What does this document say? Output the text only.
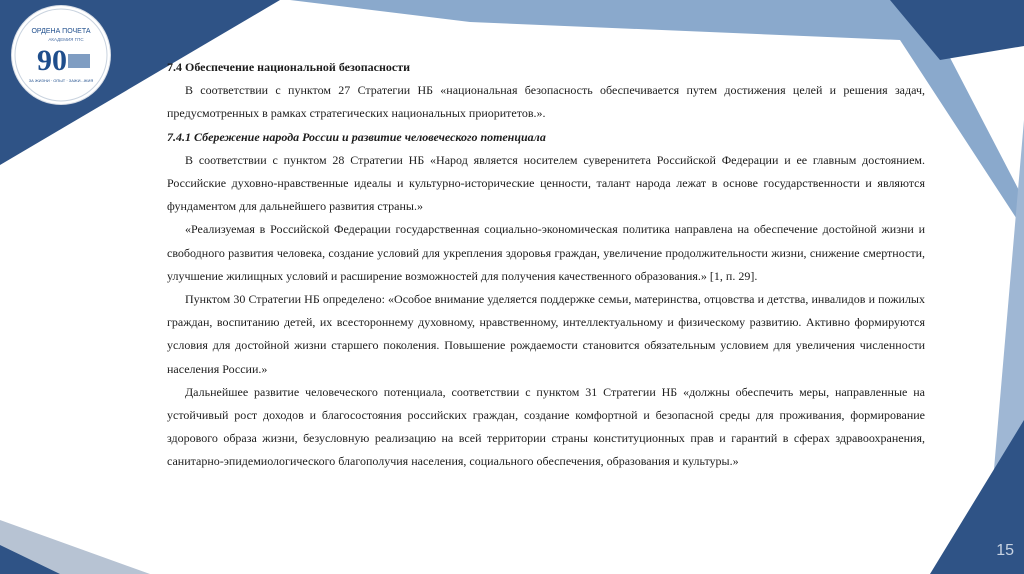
ОРДЕНА ПОЧЕТА
АКАДЕМИЯ ГПС
90
ЗА ЖИЗНИ · ОПЫТ · ЗАЖИ...ЖИЯ
7.4 Обеспечение национальной безопасности

В соответствии с пунктом 27 Стратегии НБ «национальная безопасность обеспечивается путем достижения целей и решения задач, предусмотренных в рамках стратегических национальных приоритетов.».

7.4.1 Сбережение народа России и развитие человеческого потенциала

В соответствии с пунктом 28 Стратегии НБ «Народ является носителем суверенитета Российской Федерации и ее главным достоянием. Российские духовно-нравственные идеалы и культурно-исторические ценности, талант народа лежат в основе государственности и являются фундаментом для дальнейшего развития страны.»

«Реализуемая в Российской Федерации государственная социально-экономическая политика направлена на обеспечение достойной жизни и свободного развития человека, создание условий для укрепления здоровья граждан, увеличение продолжительности жизни, снижение смертности, улучшение жилищных условий и расширение возможностей для получения качественного образования.» [1, п. 29].

Пунктом 30 Стратегии НБ определено: «Особое внимание уделяется поддержке семьи, материнства, отцовства и детства, инвалидов и пожилых граждан, воспитанию детей, их всестороннему духовному, нравственному, интеллектуальному и физическому развитию. Активно формируются условия для достойной жизни старшего поколения. Повышение рождаемости становится обязательным условием для увеличения численности населения России.»

Дальнейшее развитие человеческого потенциала, соответствии с пунктом 31 Стратегии НБ «должны обеспечить меры, направленные на устойчивый рост доходов и благосостояния российских граждан, создание комфортной и безопасной среды для проживания, формирование здорового образа жизни, безусловную реализацию на всей территории страны конституционных прав и гарантий в сферах здравоохранения, санитарно-эпидемиологического благополучия населения, социального обеспечения, образования и культуры.»

15
